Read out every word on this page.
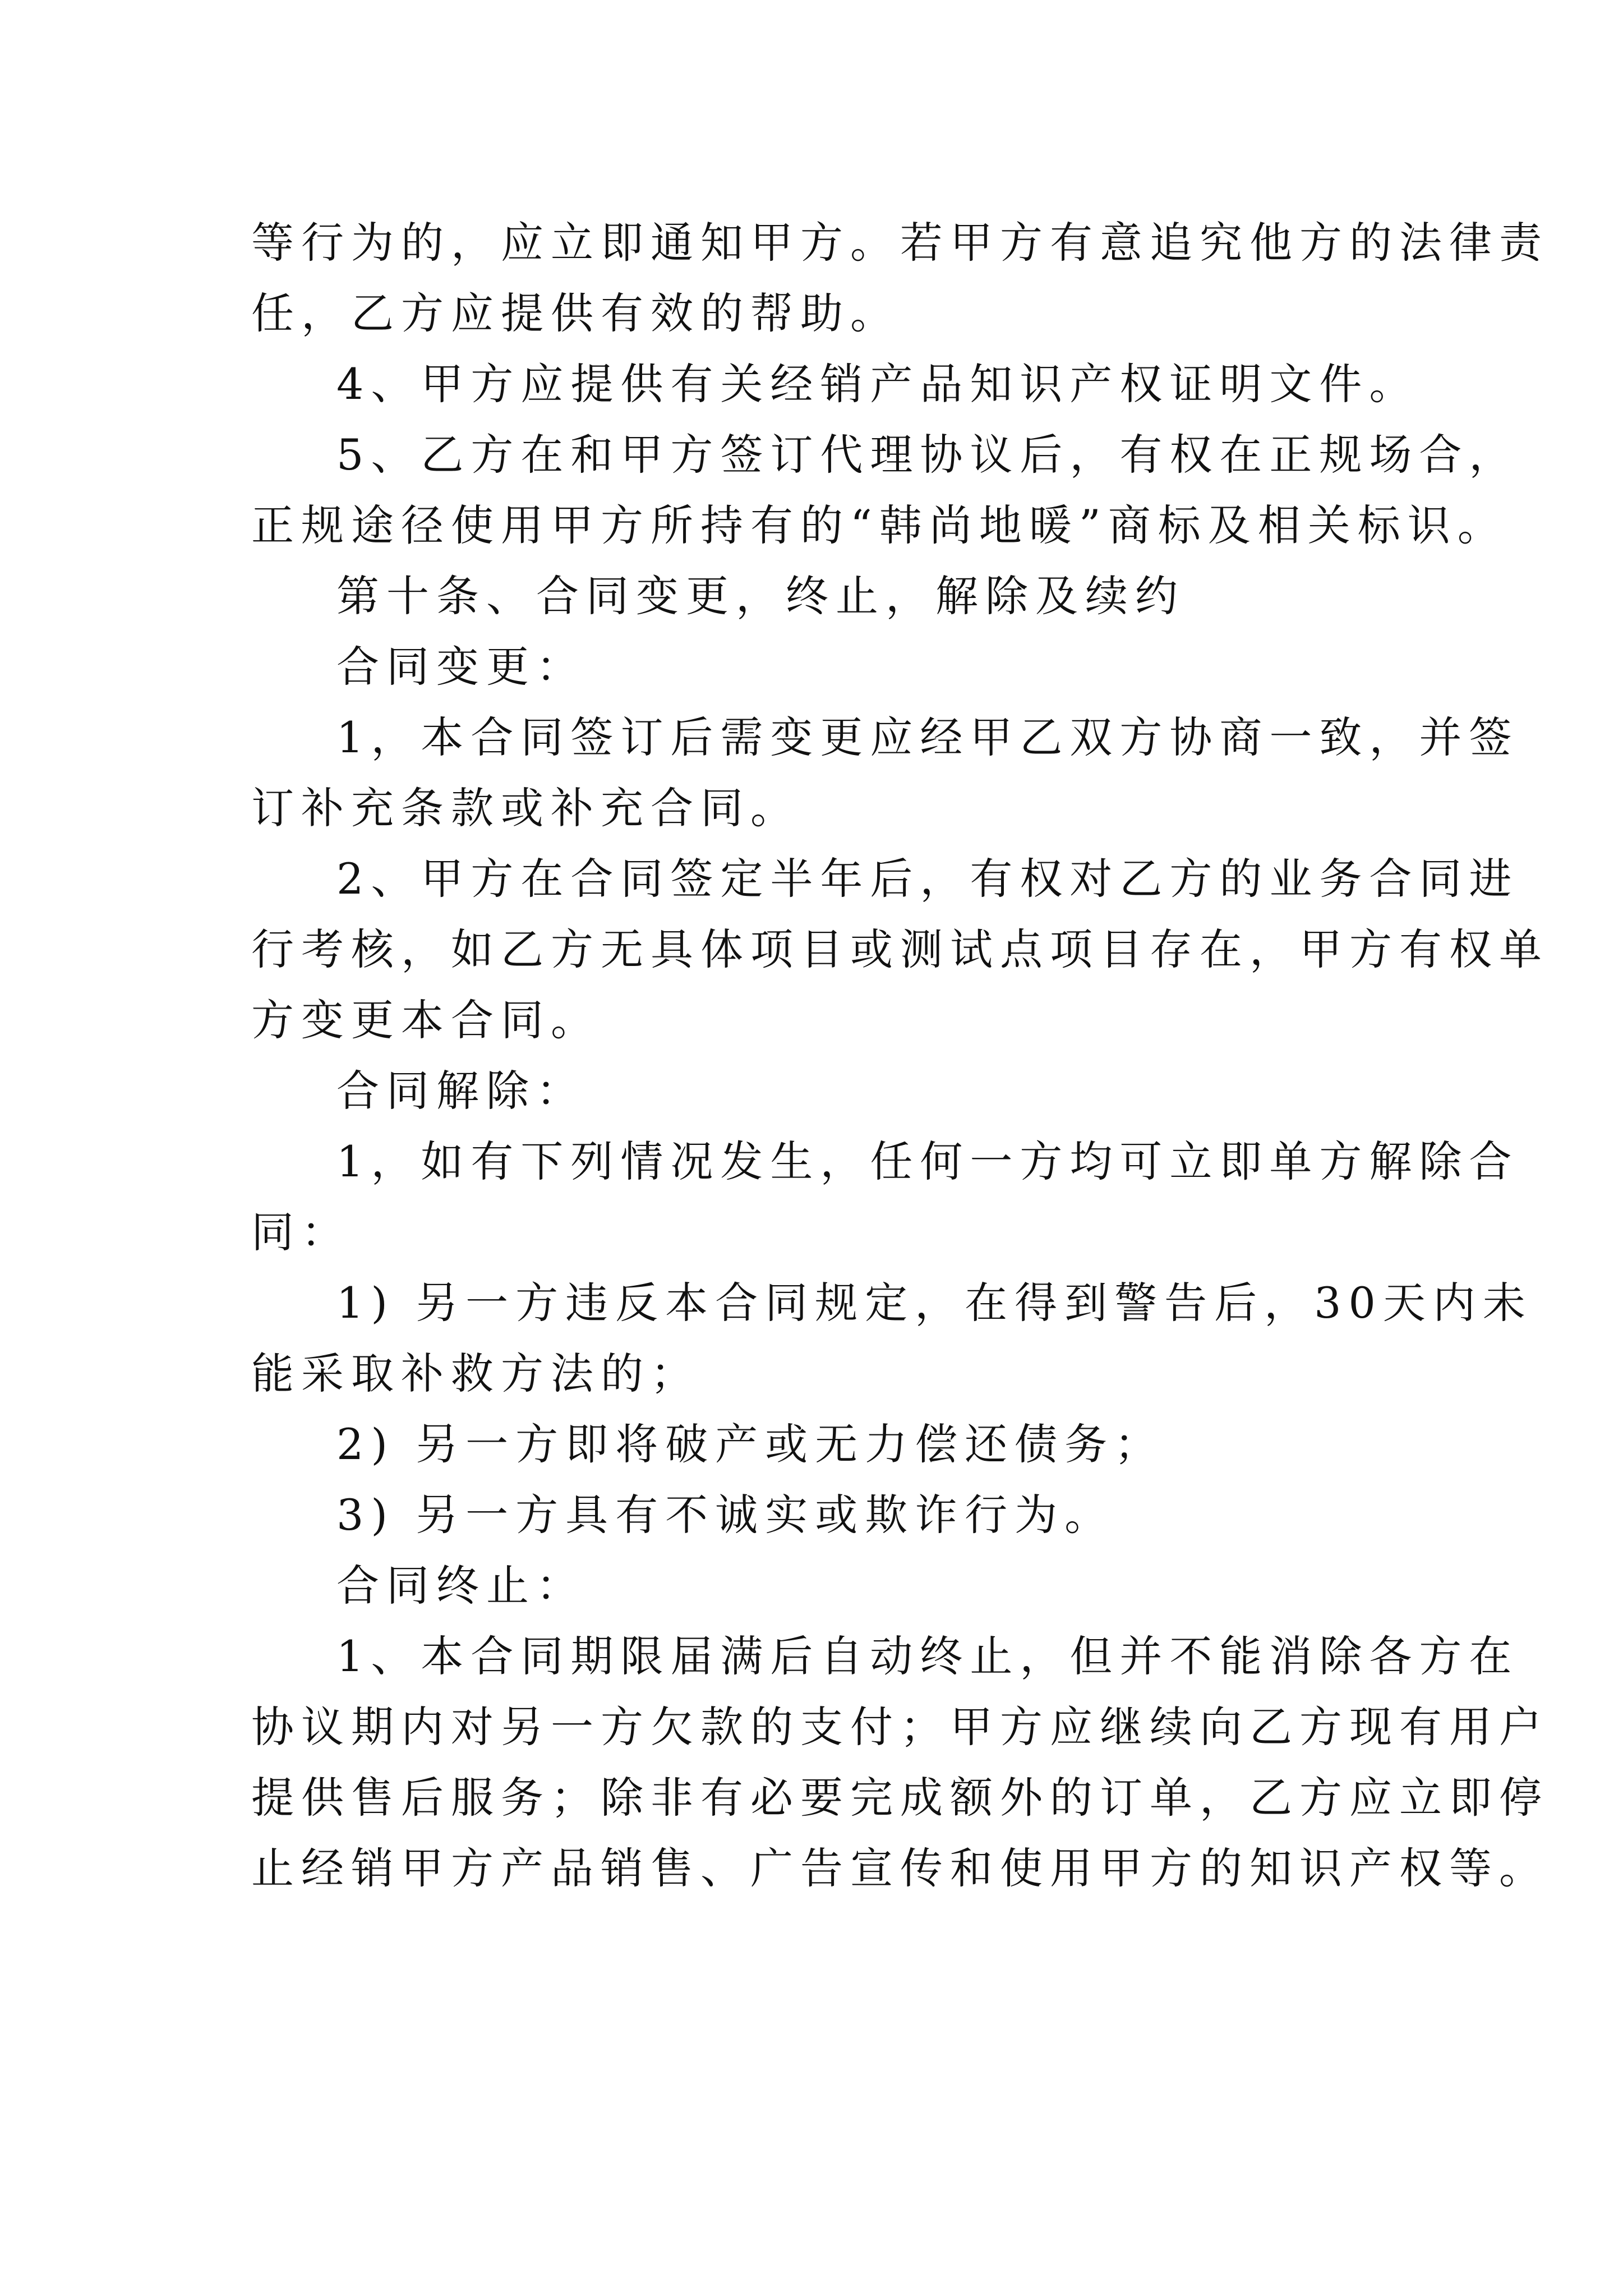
等行为的，应立即通知甲方。若甲方有意追究他方的法律责
任，乙方应提供有效的帮助。
4、甲方应提供有关经销产品知识产权证明文件。
5、乙方在和甲方签订代理协议后，有权在正规场合，
正规途径使用甲方所持有的“韩尚地暖”商标及相关标识。
第十条、合同变更，终止，解除及续约
合同变更：
1，本合同签订后需变更应经甲乙双方协商一致，并签
订补充条款或补充合同。
2、甲方在合同签定半年后，有权对乙方的业务合同进
行考核，如乙方无具体项目或测试点项目存在，甲方有权单
方变更本合同。
合同解除：
1，如有下列情况发生，任何一方均可立即单方解除合
同：
1) 另一方违反本合同规定，在得到警告后，30天内未
能采取补救方法的；
2) 另一方即将破产或无力偿还债务；
3) 另一方具有不诚实或欺诈行为。
合同终止：
1、本合同期限届满后自动终止，但并不能消除各方在
协议期内对另一方欠款的支付；甲方应继续向乙方现有用户
提供售后服务；除非有必要完成额外的订单，乙方应立即停
止经销甲方产品销售、广告宣传和使用甲方的知识产权等。
